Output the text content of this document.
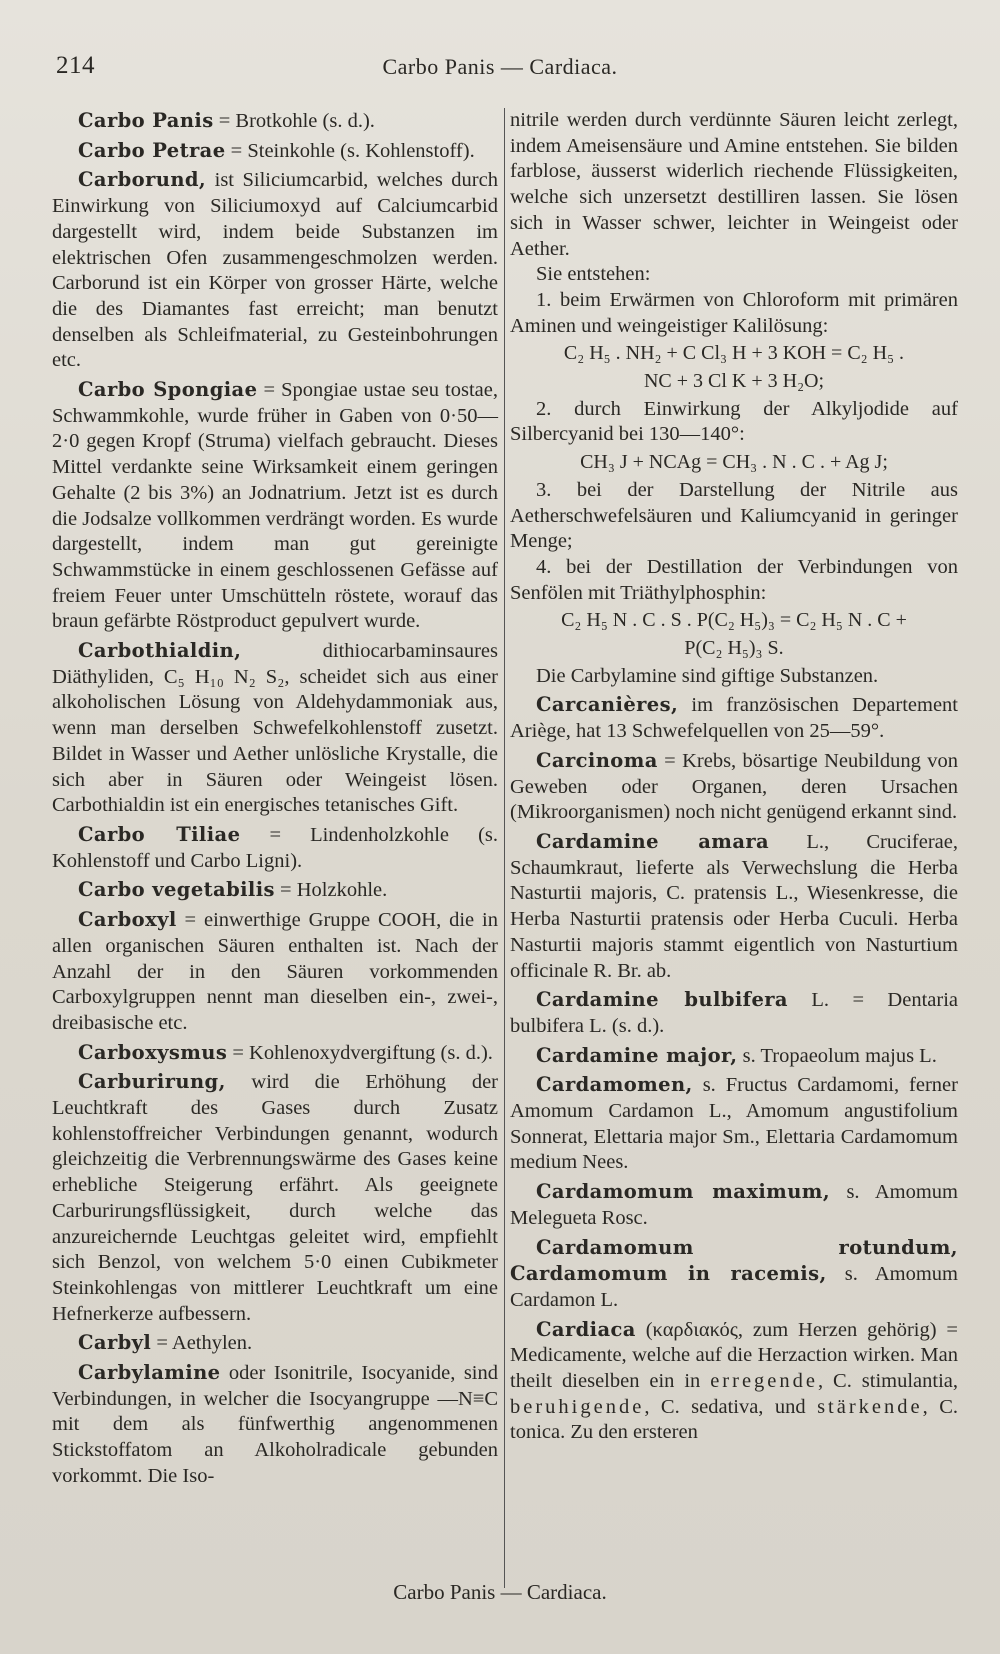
214	Carbo Panis — Cardiaca.

Carbo Panis = Brotkohle (s. d.).

Carbo Petrae = Steinkohle (s. Kohlenstoff).

Carborund, ist Siliciumcarbid, welches durch Einwirkung von Siliciumoxyd auf Calciumcarbid dargestellt wird, indem beide Substanzen im elektrischen Ofen zusammengeschmolzen werden. Carborund ist ein Körper von grosser Härte, welche die des Diamantes fast erreicht; man benutzt denselben als Schleifmaterial, zu Gesteinbohrungen etc.

Carbo Spongiae = Spongiae ustae seu tostae, Schwammkohle, wurde früher in Gaben von 0·50—2·0 gegen Kropf (Struma) vielfach gebraucht. Dieses Mittel verdankte seine Wirksamkeit einem geringen Gehalte (2 bis 3%) an Jodnatrium. Jetzt ist es durch die Jodsalze vollkommen verdrängt worden. Es wurde dargestellt, indem man gut gereinigte Schwammstücke in einem geschlossenen Gefässe auf freiem Feuer unter Umschütteln röstete, worauf das braun gefärbte Röstproduct gepulvert wurde.

Carbothialdin, dithiocarbaminsaures Diäthyliden, C₅ H₁₀ N₂ S₂, scheidet sich aus einer alkoholischen Lösung von Aldehydammoniak aus, wenn man derselben Schwefelkohlenstoff zusetzt. Bildet in Wasser und Aether unlösliche Krystalle, die sich aber in Säuren oder Weingeist lösen. Carbothialdin ist ein energisches tetanisches Gift.

Carbo Tiliae = Lindenholzkohle (s. Kohlenstoff und Carbo Ligni).

Carbo vegetabilis = Holzkohle.

Carboxyl = einwerthige Gruppe COOH, die in allen organischen Säuren enthalten ist. Nach der Anzahl der in den Säuren vorkommenden Carboxylgruppen nennt man dieselben ein-, zwei-, dreibasische etc.

Carboxysmus = Kohlenoxydvergiftung (s. d.).

Carburirung, wird die Erhöhung der Leuchtkraft des Gases durch Zusatz kohlenstoffreicher Verbindungen genannt, wodurch gleichzeitig die Verbrennungswärme des Gases keine erhebliche Steigerung erfährt. Als geeignete Carburirungsflüssigkeit, durch welche das anzureichernde Leuchtgas geleitet wird, empfiehlt sich Benzol, von welchem 5·0 einen Cubikmeter Steinkohlengas von mittlerer Leuchtkraft um eine Hefnerkerze aufbessern.

Carbyl = Aethylen.

Carbylamine oder Isonitrile, Isocyanide, sind Verbindungen, in welcher die Isocyangruppe —N≡C mit dem als fünfwerthig angenommenen Stickstoffatom an Alkoholradicale gebunden vorkommt. Die Iso-

nitrile werden durch verdünnte Säuren leicht zerlegt, indem Ameisensäure und Amine entstehen. Sie bilden farblose, äusserst widerlich riechende Flüssigkeiten, welche sich unzersetzt destilliren lassen. Sie lösen sich in Wasser schwer, leichter in Weingeist oder Aether.

Sie entstehen:

1. beim Erwärmen von Chloroform mit primären Aminen und weingeistiger Kalilösung:

C₂ H₅ . NH₂ + C Cl₃ H + 3 KOH = C₂ H₅ .
NC + 3 Cl K + 3 H₂O;

2. durch Einwirkung der Alkyljodide auf Silbercyanid bei 130—140°:

CH₃ J + NCAg = CH₃ . N . C . + Ag J;

3. bei der Darstellung der Nitrile aus Aetherschwefelsäuren und Kaliumcyanid in geringer Menge;

4. bei der Destillation der Verbindungen von Senfölen mit Triäthylphosphin:

C₂ H₅ N . C . S . P(C₂ H₅)₃ = C₂ H₅ N . C +
P(C₂ H₅)₃ S.

Die Carbylamine sind giftige Substanzen.

Carcanières, im französischen Departement Ariège, hat 13 Schwefelquellen von 25—59°.

Carcinoma = Krebs, bösartige Neubildung von Geweben oder Organen, deren Ursachen (Mikroorganismen) noch nicht genügend erkannt sind.

Cardamine amara L., Cruciferae, Schaumkraut, lieferte als Verwechslung die Herba Nasturtii majoris, C. pratensis L., Wiesenkresse, die Herba Nasturtii pratensis oder Herba Cuculi. Herba Nasturtii majoris stammt eigentlich von Nasturtium officinale R. Br. ab.

Cardamine bulbifera L. = Dentaria bulbifera L. (s. d.).

Cardamine major, s. Tropaeolum majus L.

Cardamomen, s. Fructus Cardamomi, ferner Amomum Cardamon L., Amomum angustifolium Sonnerat, Elettaria major Sm., Elettaria Cardamomum medium Nees.

Cardamomum maximum, s. Amomum Melegueta Rosc.

Cardamomum rotundum, Cardamomum in racemis, s. Amomum Cardamon L.

Cardiaca (καρδιακός, zum Herzen gehörig) = Medicamente, welche auf die Herzaction wirken. Man theilt dieselben ein in erregende, C. stimulantia, beruhigende, C. sedativa, und stärkende, C. tonica. Zu den ersteren

Carbo Panis — Cardiaca.
